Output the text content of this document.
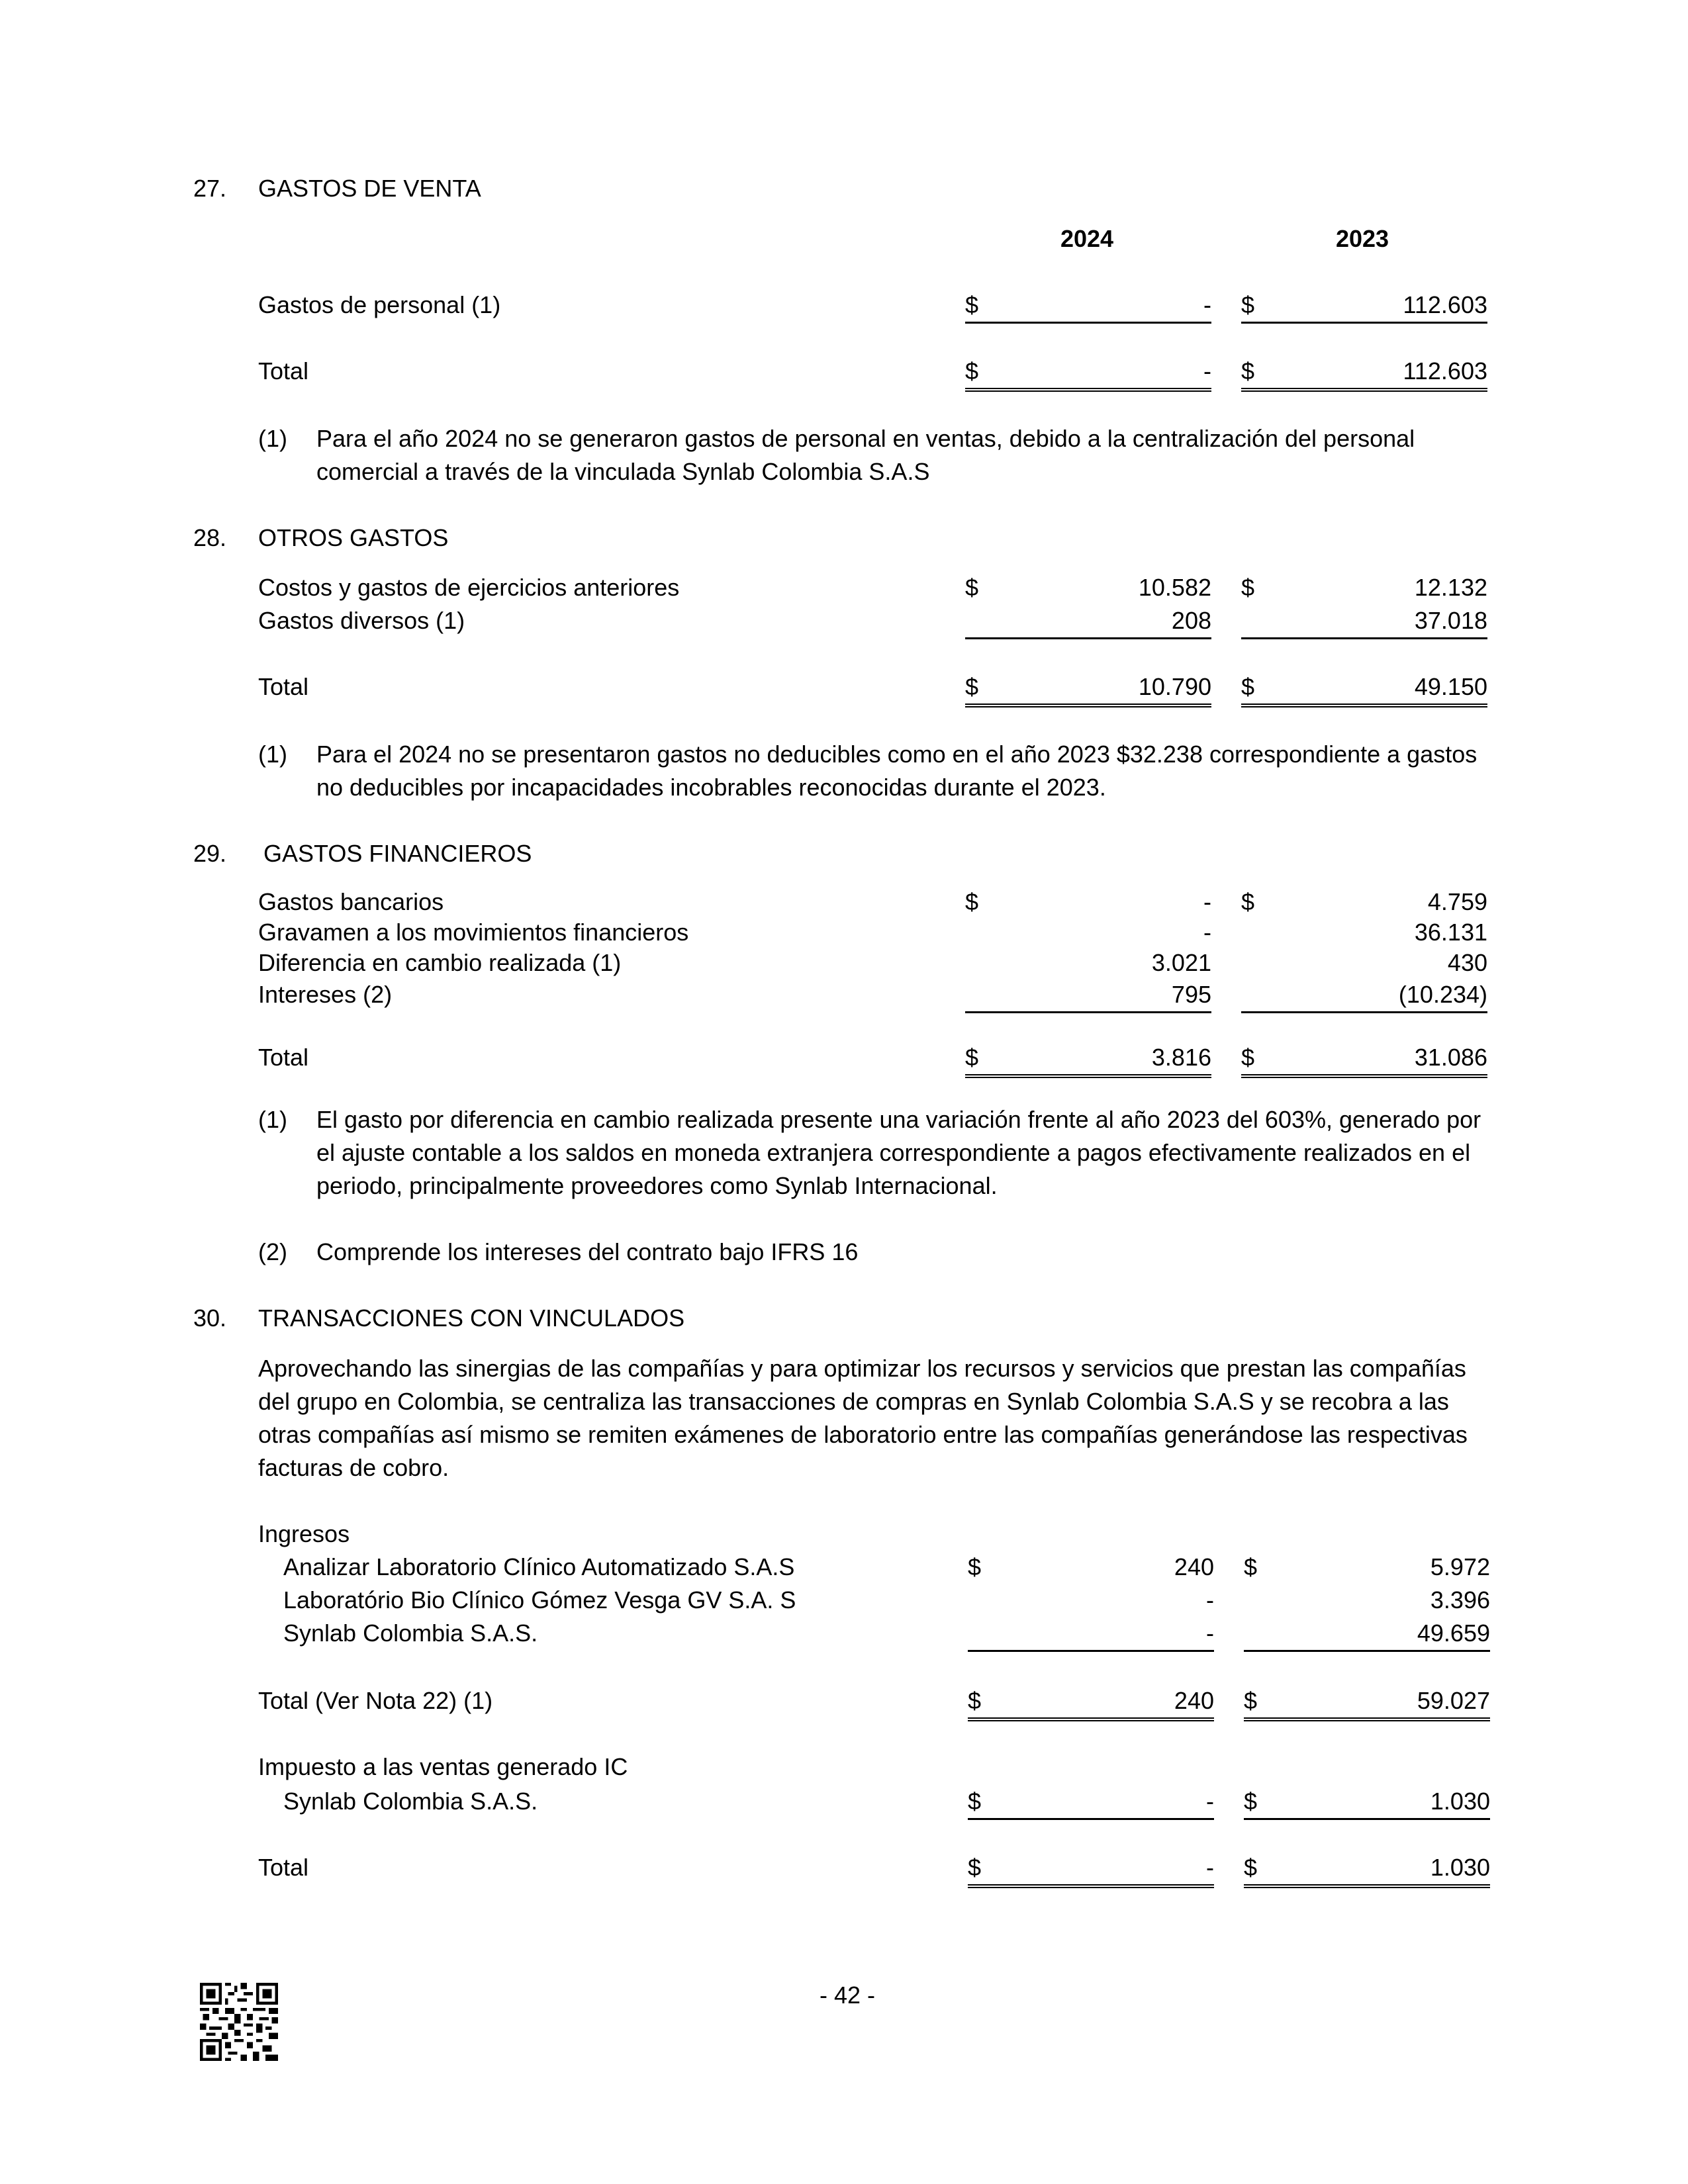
27. GASTOS DE VENTA
2024	2023
Gastos de personal (1)	$	- $	112.603
Total	$	- $	112.603
(1) Para el año 2024 no se generaron gastos de personal en ventas, debido a la centralización del personal comercial a través de la vinculada Synlab Colombia S.A.S
28. OTROS GASTOS
Costos y gastos de ejercicios anteriores	$	10.582 $	12.132
Gastos diversos (1)	208	37.018
Total	$	10.790 $	49.150
(1) Para el 2024 no se presentaron gastos no deducibles como en el año 2023 $32.238 correspondiente a gastos no deducibles por incapacidades incobrables reconocidas durante el 2023.
29. GASTOS FINANCIEROS
Gastos bancarios	$	- $	4.759
Gravamen a los movimientos financieros	-	36.131
Diferencia en cambio realizada (1)	3.021	430
Intereses (2)	795	(10.234)
Total	$	3.816 $	31.086
(1) El gasto por diferencia en cambio realizada presente una variación frente al año 2023 del 603%, generado por el ajuste contable a los saldos en moneda extranjera correspondiente a pagos efectivamente realizados en el periodo, principalmente proveedores como Synlab Internacional.
(2) Comprende los intereses del contrato bajo IFRS 16
30. TRANSACCIONES CON VINCULADOS
Aprovechando las sinergias de las compañías y para optimizar los recursos y servicios que prestan las compañías del grupo en Colombia, se centraliza las transacciones de compras en Synlab Colombia S.A.S y se recobra a las otras compañías así mismo se remiten exámenes de laboratorio entre las compañías generándose las respectivas facturas de cobro.
Ingresos
Analizar Laboratorio Clínico Automatizado S.A.S	$	240 $	5.972
Laboratório Bio Clínico Gómez Vesga GV S.A. S	-	3.396
Synlab Colombia S.A.S.	-	49.659
Total (Ver Nota 22) (1)	$	240 $	59.027
Impuesto a las ventas generado IC
Synlab Colombia S.A.S.	$	- $	1.030
Total	$	- $	1.030
- 42 -
